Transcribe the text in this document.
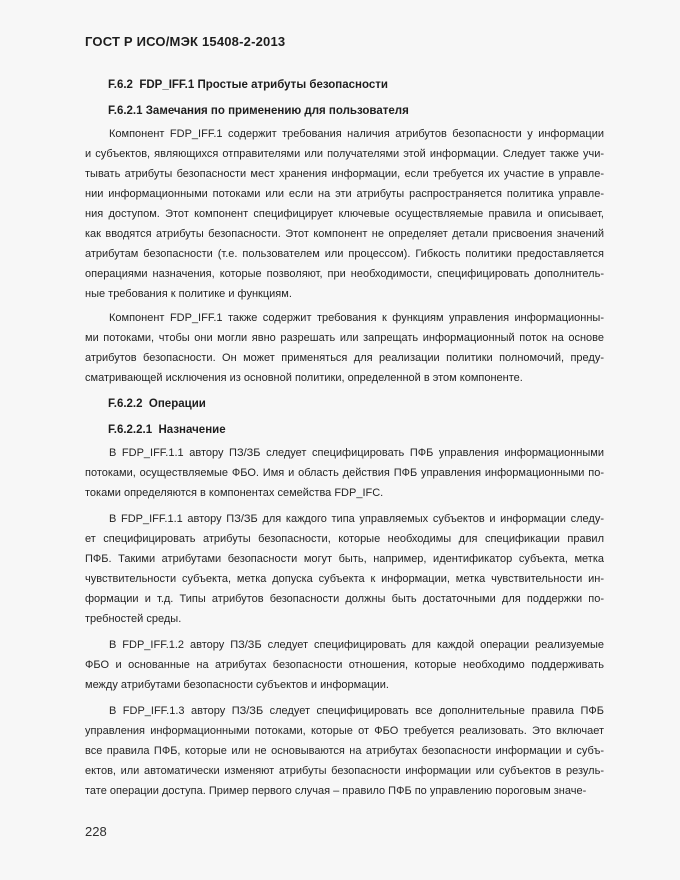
ГОСТ Р ИСО/МЭК 15408-2-2013
F.6.2  FDP_IFF.1 Простые атрибуты безопасности
F.6.2.1 Замечания по применению для пользователя
Компонент FDP_IFF.1 содержит требования наличия атрибутов безопасности у информации
и субъектов, являющихся отправителями или получателями этой информации. Следует также учи-
тывать атрибуты безопасности мест хранения информации, если требуется их участие в управле-
нии информационными потоками или если на эти атрибуты распространяется политика управле-
ния доступом. Этот компонент специфицирует ключевые осуществляемые правила и описывает,
как вводятся атрибуты безопасности. Этот компонент не определяет детали присвоения значений
атрибутам безопасности (т.е. пользователем или процессом). Гибкость политики предоставляется
операциями назначения, которые позволяют, при необходимости, специфицировать дополнитель-
ные требования к политике и функциям.
Компонент FDP_IFF.1 также содержит требования к функциям управления информационны-
ми потоками, чтобы они могли явно разрешать или запрещать информационный поток на основе
атрибутов безопасности. Он может применяться для реализации политики полномочий, преду-
сматривающей исключения из основной политики, определенной в этом компоненте.
F.6.2.2  Операции
F.6.2.2.1  Назначение
В FDP_IFF.1.1 автору ПЗ/ЗБ следует специфицировать ПФБ управления информационными
потоками, осуществляемые ФБО. Имя и область действия ПФБ управления информационными по-
токами определяются в компонентах семейства FDP_IFC.
В FDP_IFF.1.1 автору ПЗ/ЗБ для каждого типа управляемых субъектов и информации следу-
ет специфицировать атрибуты безопасности, которые необходимы для спецификации правил
ПФБ. Такими атрибутами безопасности могут быть, например, идентификатор субъекта, метка
чувствительности субъекта, метка допуска субъекта к информации, метка чувствительности ин-
формации и т.д. Типы атрибутов безопасности должны быть достаточными для поддержки по-
требностей среды.
В FDP_IFF.1.2 автору ПЗ/ЗБ следует специфицировать для каждой операции реализуемые
ФБО и основанные на атрибутах безопасности отношения, которые необходимо поддерживать
между атрибутами безопасности субъектов и информации.
В FDP_IFF.1.3 автору ПЗ/ЗБ следует специфицировать все дополнительные правила ПФБ
управления информационными потоками, которые от ФБО требуется реализовать. Это включает
все правила ПФБ, которые или не основываются на атрибутах безопасности информации и субъ-
ектов, или автоматически изменяют атрибуты безопасности информации или субъектов в резуль-
тате операции доступа. Пример первого случая – правило ПФБ по управлению пороговым значе-
228
